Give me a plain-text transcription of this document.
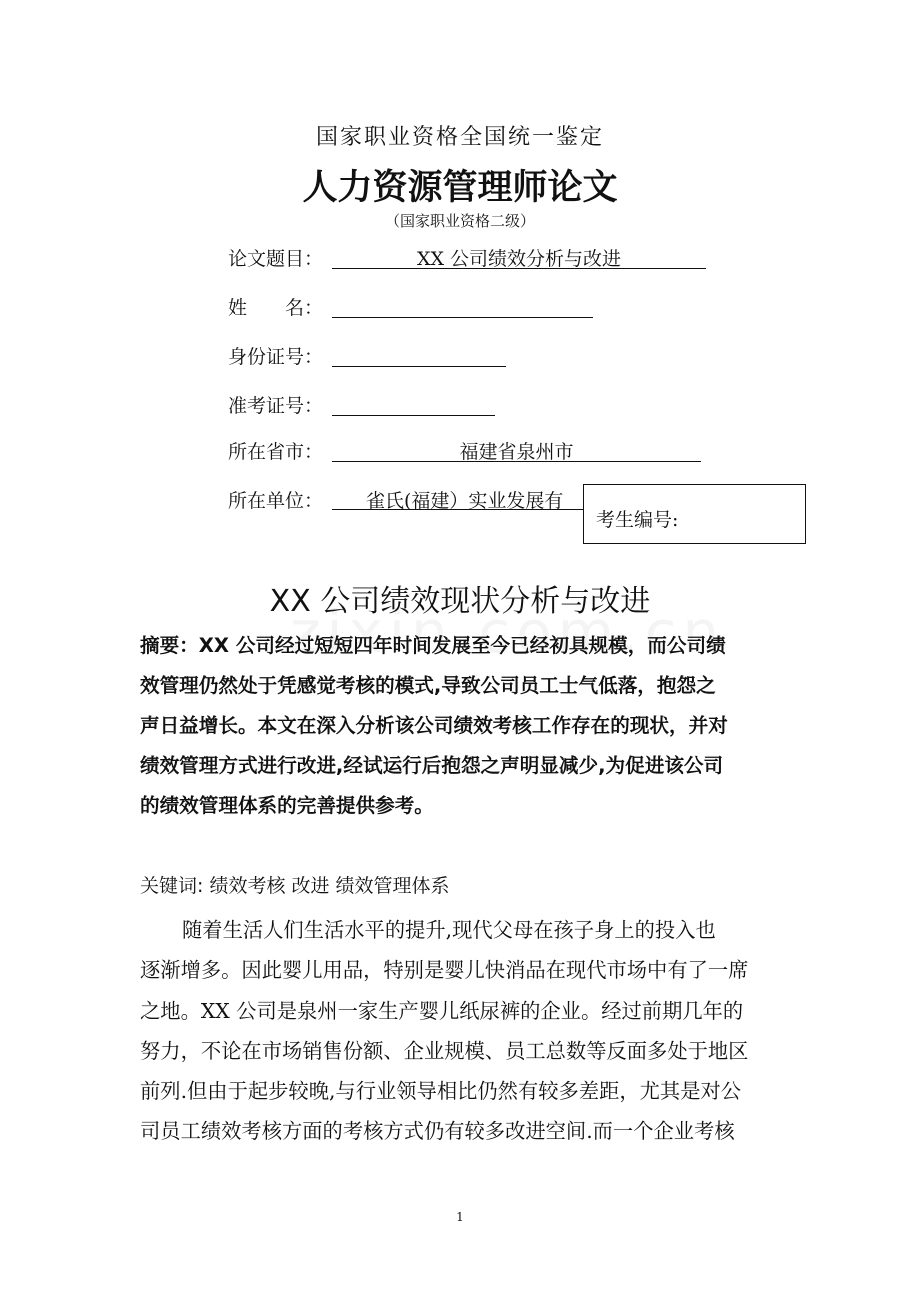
国家职业资格全国统一鉴定
人力资源管理师论文
（国家职业资格二级）
论文题目：	XX 公司绩效分析与改进
姓　　名：
身份证号：
准考证号：
所在省市：	福建省泉州市
所在单位：	雀氏(福建）实业发展有
考生编号:
XX 公司绩效现状分析与改进
摘要：XX 公司经过短短四年时间发展至今已经初具规模，而公司绩
效管理仍然处于凭感觉考核的模式,导致公司员工士气低落，抱怨之
声日益增长。本文在深入分析该公司绩效考核工作存在的现状，并对
绩效管理方式进行改进,经试运行后抱怨之声明显减少,为促进该公司
的绩效管理体系的完善提供参考。
关键词: 绩效考核 改进 绩效管理体系
随着生活人们生活水平的提升,现代父母在孩子身上的投入也
逐渐增多。因此婴儿用品，特别是婴儿快消品在现代市场中有了一席
之地。XX 公司是泉州一家生产婴儿纸尿裤的企业。经过前期几年的
努力，不论在市场销售份额、企业规模、员工总数等反面多处于地区
前列.但由于起步较晚,与行业领导相比仍然有较多差距，尤其是对公
司员工绩效考核方面的考核方式仍有较多改进空间.而一个企业考核
1
